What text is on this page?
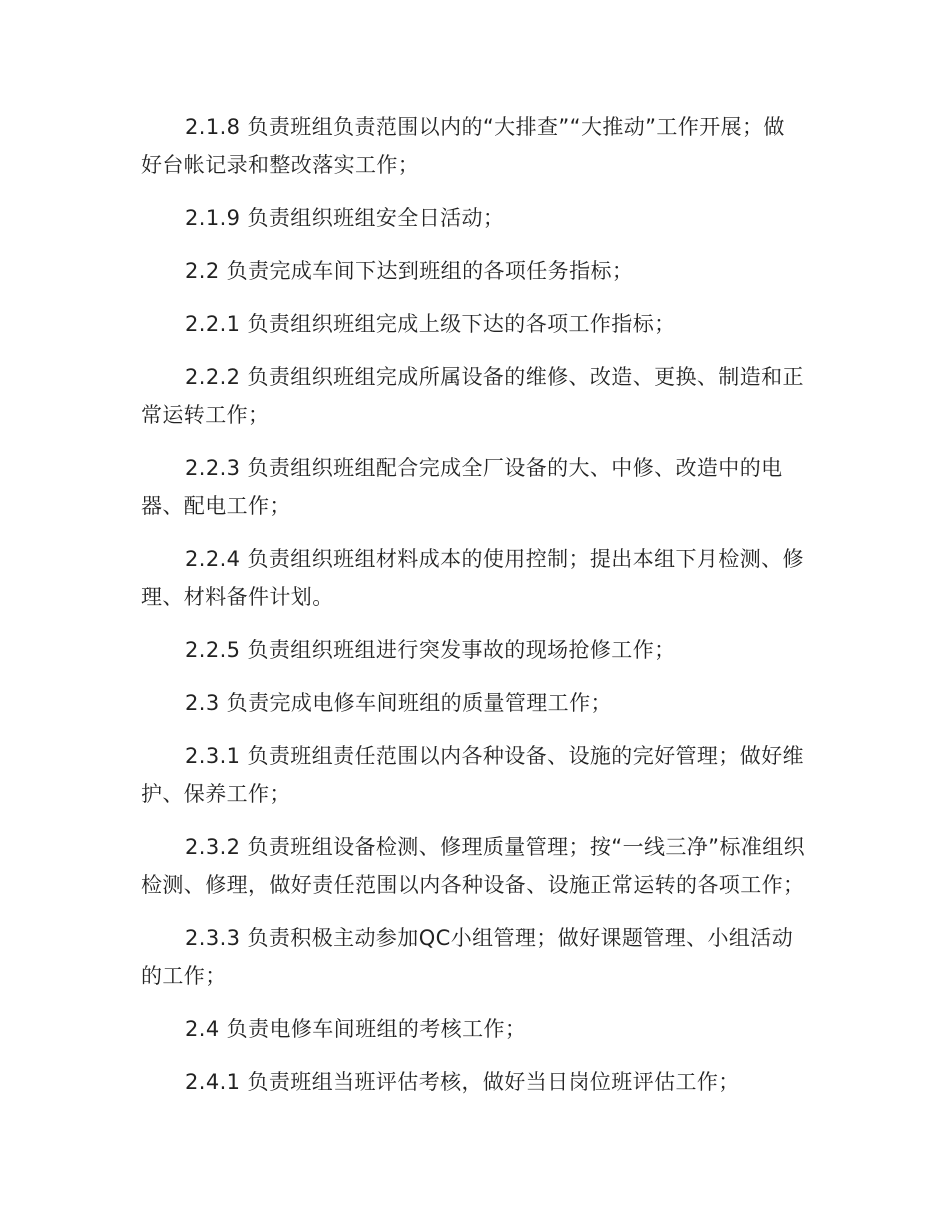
2.1.8 负责班组负责范围以内的“大排查”“大推动”工作开展；做好台帐记录和整改落实工作；

2.1.9 负责组织班组安全日活动；

2.2 负责完成车间下达到班组的各项任务指标；

2.2.1 负责组织班组完成上级下达的各项工作指标；

2.2.2 负责组织班组完成所属设备的维修、改造、更换、制造和正常运转工作；

2.2.3 负责组织班组配合完成全厂设备的大、中修、改造中的电器、配电工作；

2.2.4 负责组织班组材料成本的使用控制；提出本组下月检测、修理、材料备件计划。

2.2.5 负责组织班组进行突发事故的现场抢修工作；

2.3 负责完成电修车间班组的质量管理工作；

2.3.1 负责班组责任范围以内各种设备、设施的完好管理；做好维护、保养工作；

2.3.2 负责班组设备检测、修理质量管理；按“一线三净”标准组织检测、修理，做好责任范围以内各种设备、设施正常运转的各项工作；

2.3.3 负责积极主动参加QC小组管理；做好课题管理、小组活动的工作；

2.4 负责电修车间班组的考核工作；

2.4.1 负责班组当班评估考核，做好当日岗位班评估工作；
